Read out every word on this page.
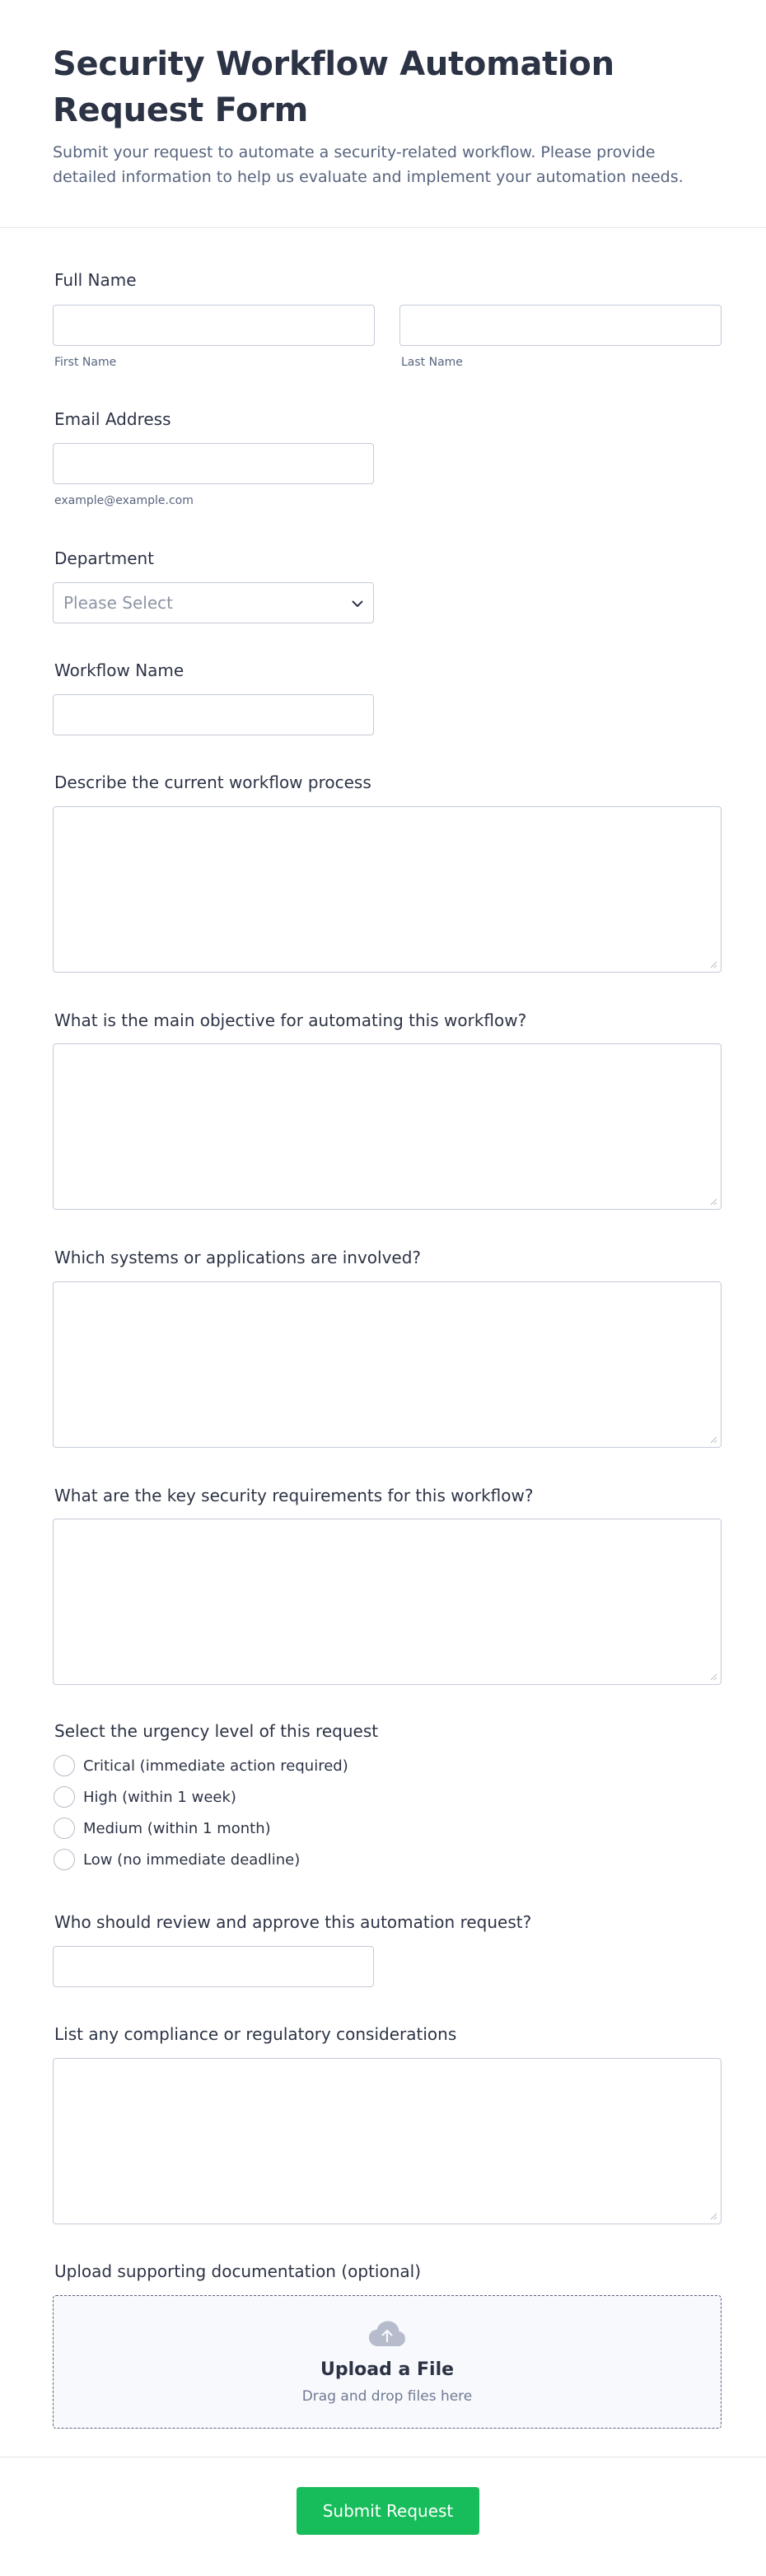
Security Workflow Automation Request Form

Submit your request to automate a security-related workflow. Please provide detailed information to help us evaluate and implement your automation needs.

Full Name
First Name	Last Name
Email Address
example@example.com
Department
Please Select
Workflow Name
Describe the current workflow process
What is the main objective for automating this workflow?
Which systems or applications are involved?
What are the key security requirements for this workflow?
Select the urgency level of this request
Critical (immediate action required)
High (within 1 week)
Medium (within 1 month)
Low (no immediate deadline)
Who should review and approve this automation request?
List any compliance or regulatory considerations
Upload supporting documentation (optional)
Upload a File
Drag and drop files here
Submit Request
